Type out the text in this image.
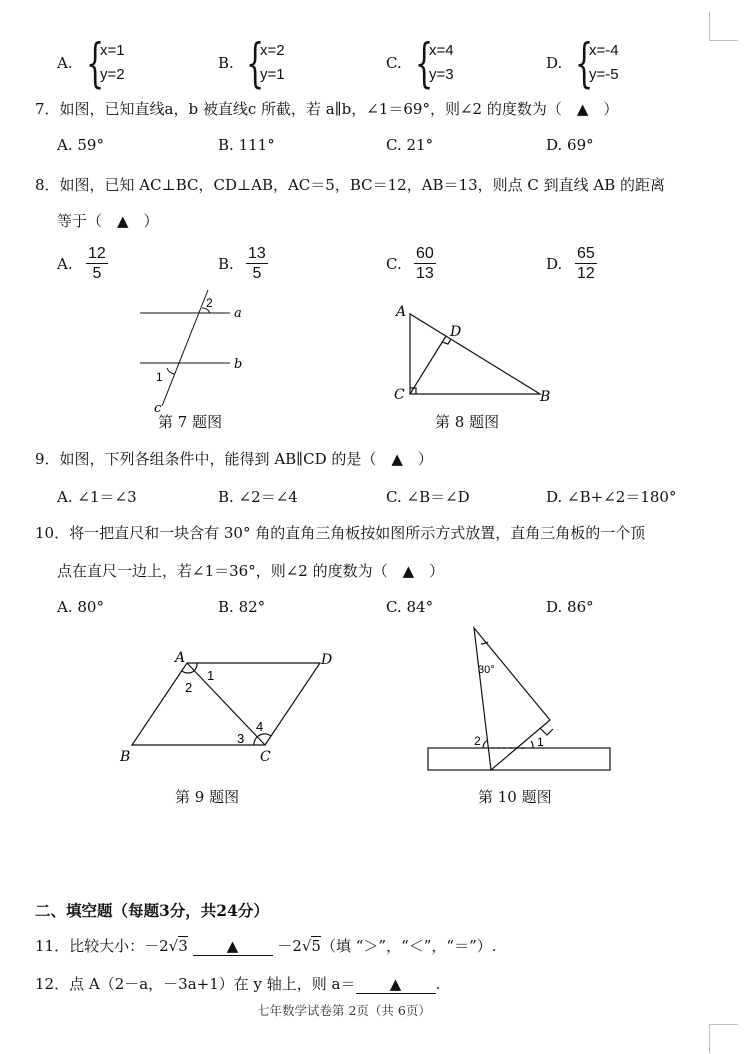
A. {
x=1
y=2
B. {
x=2
y=1
C. {
x=4
y=3
D. {
x=-4
y=-5
7．如图，已知直线a，b 被直线c 所截，若 a∥b，∠1＝69°，则∠2 的度数为（　▲　）
A. 59°	B. 111°	C. 21°	D. 69°
8．如图，已知 AC⊥BC，CD⊥AB，AC＝5，BC＝12，AB＝13，则点 C 到直线 AB 的距离
等于（　▲　）
A. $\frac{12}{5}$	B. $\frac{13}{5}$	C. $\frac{60}{13}$	D. $\frac{65}{12}$
a
b
c
2
1
第 7 题图
A
C	B
D
第 8 题图
9．如图，下列各组条件中，能得到 AB∥CD 的是（　▲　）
A. ∠1＝∠3	B. ∠2＝∠4	C. ∠B＝∠D	D. ∠B+∠2＝180°
10．将一把直尺和一块含有 30° 角的直角三角板按如图所示方式放置，直角三角板的一个顶
点在直尺一边上，若∠1＝36°，则∠2 的度数为（　▲　）
A. 80°	B. 82°	C. 84°	D. 86°
A	D
B	C
1
2
3
4
第 9 题图
30°
2	1
第 10 题图
二、填空题（每题3分，共24分）
11．比较大小：－2√3	▲	－2√5（填 “＞”，“＜”，“＝”）.
12．点 A（2－a，－3a+1）在 y 轴上，则 a＝ ▲ .
七年数学试卷第 2页（共 6页）
